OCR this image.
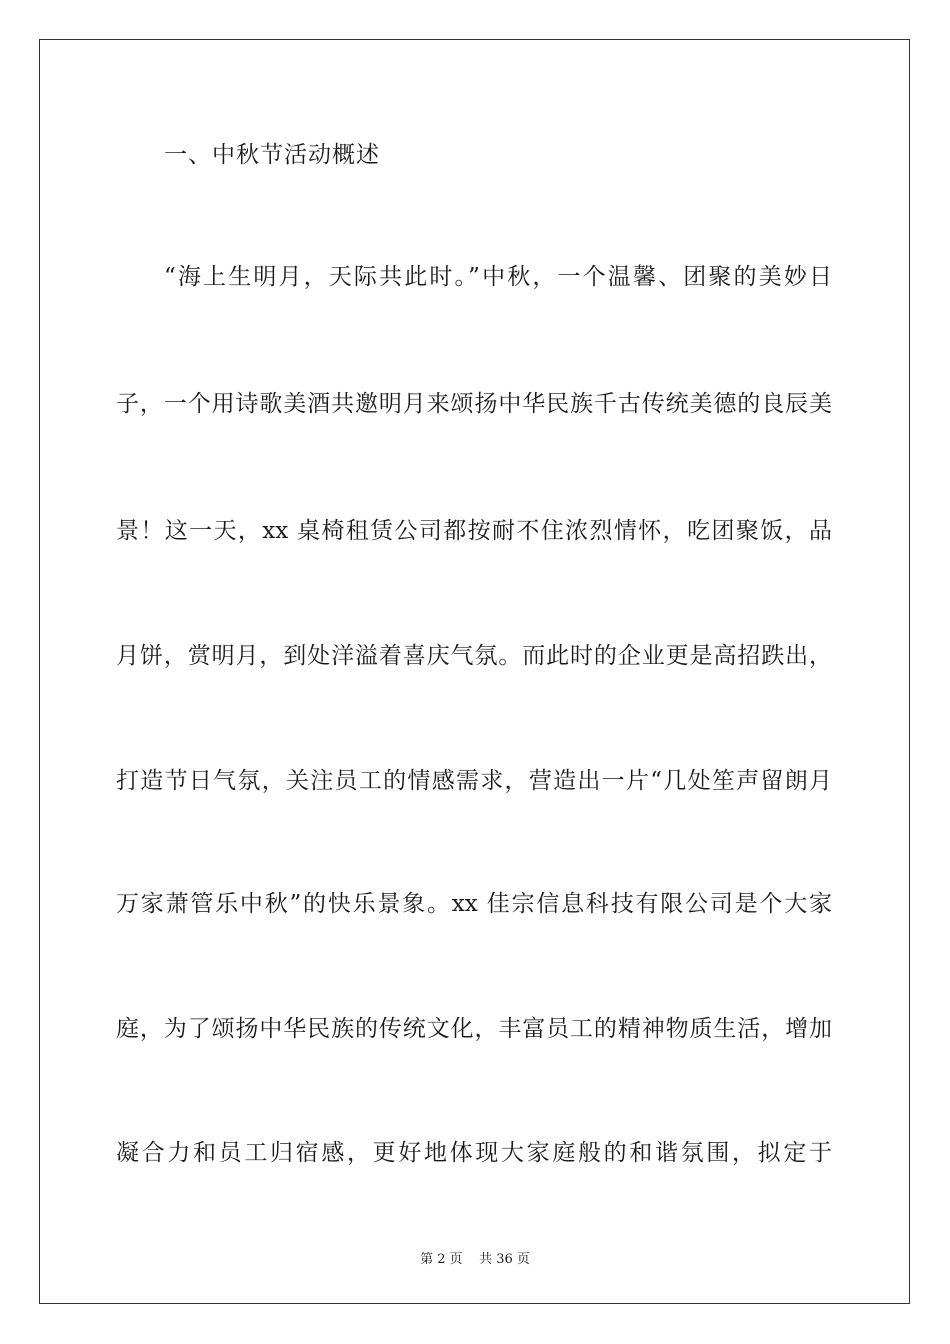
一、中秋节活动概述
“海上生明月，天际共此时。”中秋，一个温馨、团聚的美妙日
子，一个用诗歌美酒共邀明月来颂扬中华民族千古传统美德的良辰美
景！这一天，xx 桌椅租赁公司都按耐不住浓烈情怀，吃团聚饭，品
月饼，赏明月，到处洋溢着喜庆气氛。而此时的企业更是高招跌出，
打造节日气氛，关注员工的情感需求，营造出一片“几处笙声留朗月
万家萧管乐中秋”的快乐景象。xx 佳宗信息科技有限公司是个大家
庭，为了颂扬中华民族的传统文化，丰富员工的精神物质生活，增加
凝合力和员工归宿感，更好地体现大家庭般的和谐氛围，拟定于
第 2 页    共 36 页
